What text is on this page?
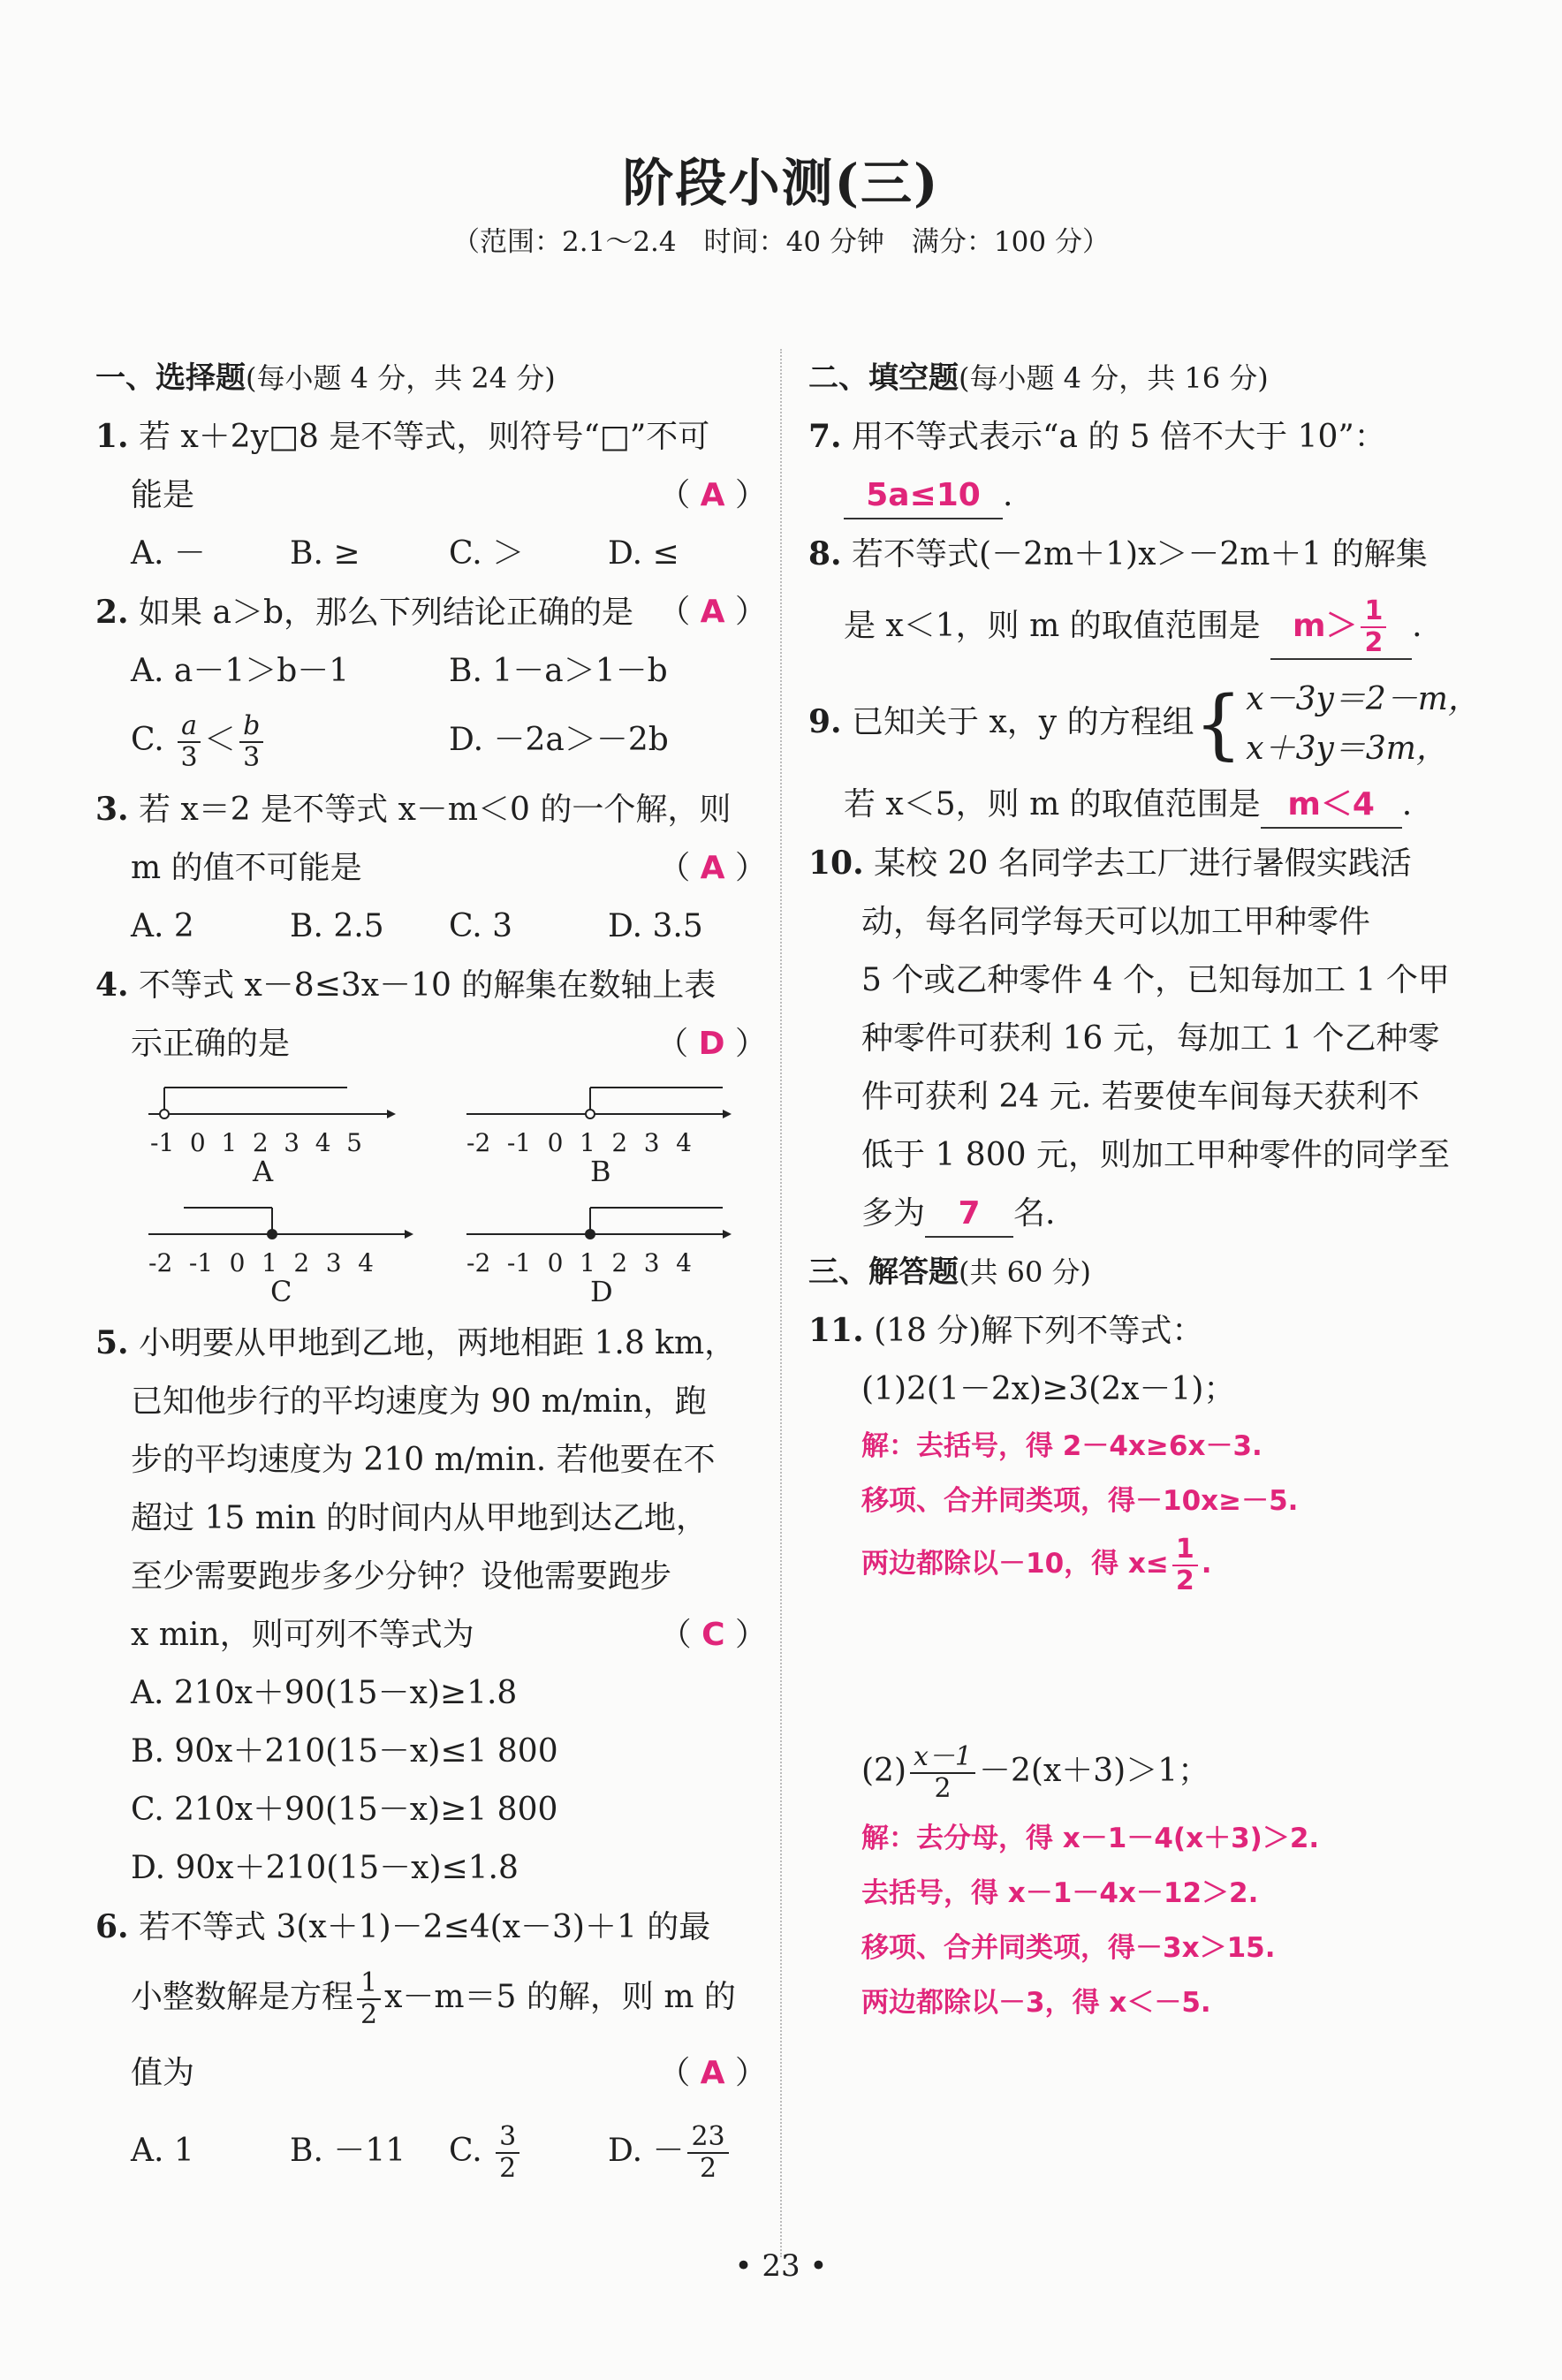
阶段小测(三)
（范围：2.1～2.4　时间：40 分钟　满分：100 分）
一、选择题(每小题 4 分，共 24 分)
1. 若 x＋2y□8 是不等式，则符号“□”不可
能是	（ A ）
A. －	B. ≥	C. ＞	D. ≤
2. 如果 a＞b，那么下列结论正确的是 （ A ）
A. a－1＞b－1	B. 1－a＞1－b
C. $\frac{a}{3} < \frac{b}{3}$	D. －2a＞－2b
3. 若 x＝2 是不等式 x－m＜0 的一个解，则
m 的值不可能是	（ A ）
A. 2	B. 2.5	C. 3	D. 3.5
4. 不等式 x－8≤3x－10 的解集在数轴上表
示正确的是	（ D ）
-1 0 1 2 3 4 5
A
-2 -1 0 1 2 3 4
B
-2 -1 0 1 2 3 4
C
-2 -1 0 1 2 3 4
D
5. 小明要从甲地到乙地，两地相距 1.8 km，
已知他步行的平均速度为 90 m/min，跑
步的平均速度为 210 m/min. 若他要在不
超过 15 min 的时间内从甲地到达乙地，
至少需要跑步多少分钟？设他需要跑步
x min，则可列不等式为	（ C ）
A. 210x＋90(15－x)≥1.8
B. 90x＋210(15－x)≤1 800
C. 210x＋90(15－x)≥1 800
D. 90x＋210(15－x)≤1.8
6. 若不等式 3(x＋1)－2≤4(x－3)＋1 的最
小整数解是方程 $\frac{1}{2} x-m=5$ 的解，则 m 的
值为	（ A ）
A. 1	B. －11	C. $\frac{3}{2}$	D. － $\frac{23}{2}$
二、填空题(每小题 4 分，共 16 分)
7. 用不等式表示“a 的 5 倍不大于 10”：
5a≤10 .
8. 若不等式(－2m＋1)x＞－2m＋1 的解集
是 x＜1，则 m 的取值范围是 $m> \frac{1}{2}$ .
9. 已知关于 x，y 的方程组 { x－3y＝2－m，
x＋3y＝3m，
若 x＜5，则 m 的取值范围是 m＜4 .
10. 某校 20 名同学去工厂进行暑假实践活
动，每名同学每天可以加工甲种零件
5 个或乙种零件 4 个，已知每加工 1 个甲
种零件可获利 16 元，每加工 1 个乙种零
件可获利 24 元. 若要使车间每天获利不
低于 1 800 元，则加工甲种零件的同学至
多为 7 名.
三、解答题(共 60 分)
11. (18 分)解下列不等式：
(1)2(1－2x)≥3(2x－1)；
解：去括号，得 2－4x≥6x－3.
移项、合并同类项，得－10x≥－5.
两边都除以－10，得 $x\le \frac{1}{2}$ .
$(2) \frac{x-1}{2} -2(x+3)>1$；
解：去分母，得 x－1－4(x＋3)＞2.
去括号，得 x－1－4x－12＞2.
移项、合并同类项，得－3x＞15.
两边都除以－3，得 x＜－5.
• 23 •
